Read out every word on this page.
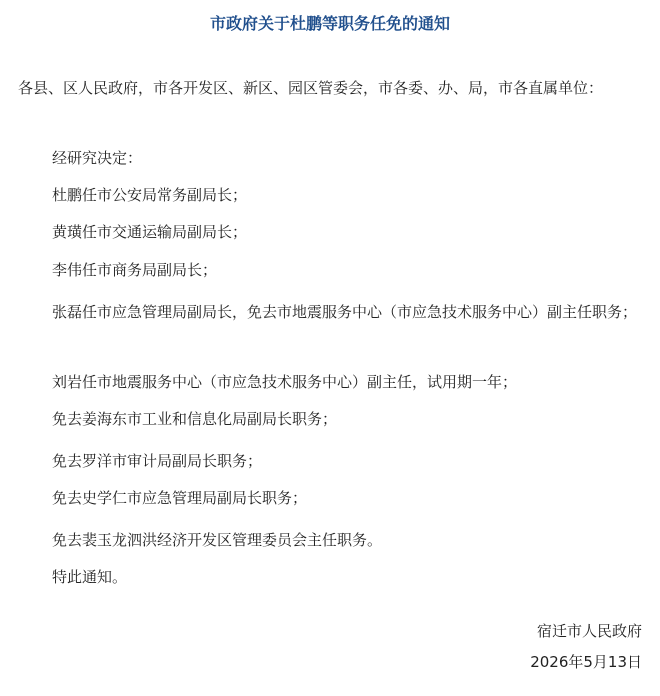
市政府关于杜鹏等职务任免的通知

各县、区人民政府，市各开发区、新区、园区管委会，市各委、办、局，市各直属单位：

经研究决定：

杜鹏任市公安局常务副局长；

黄璜任市交通运输局副局长；

李伟任市商务局副局长；

张磊任市应急管理局副局长，免去市地震服务中心（市应急技术服务中心）副主任职务；

刘岩任市地震服务中心（市应急技术服务中心）副主任，试用期一年；

免去姜海东市工业和信息化局副局长职务；

免去罗洋市审计局副局长职务；

免去史学仁市应急管理局副局长职务；

免去裴玉龙泗洪经济开发区管理委员会主任职务。

特此通知。

宿迁市人民政府

2026年5月13日
